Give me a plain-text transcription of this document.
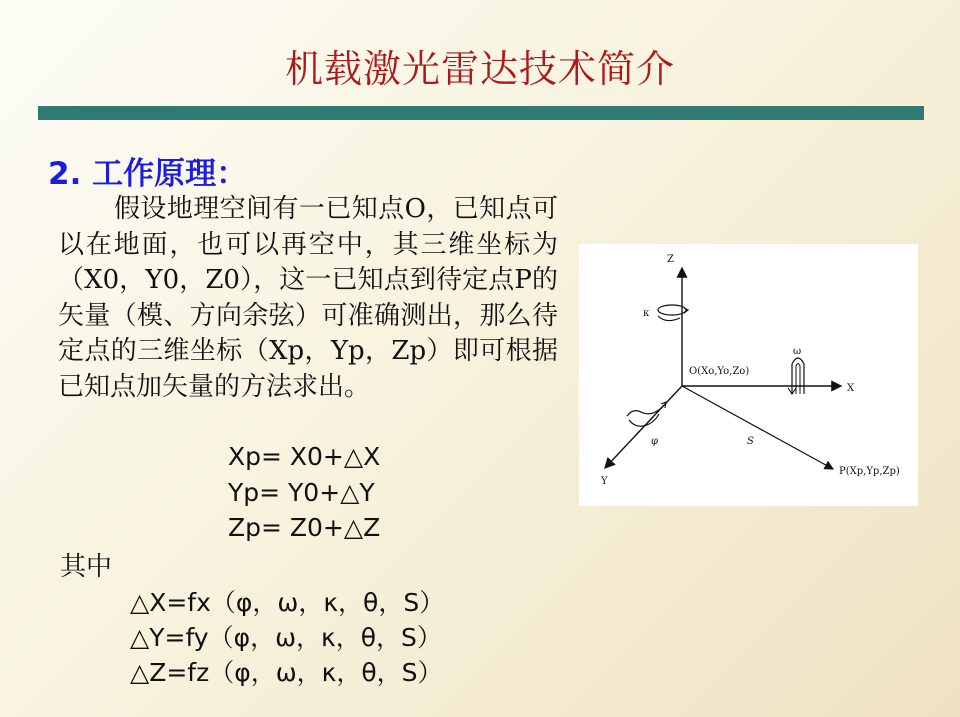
机载激光雷达技术简介
2. 工作原理：
假设地理空间有一已知点O，已知点可以在地面，也可以再空中，其三维坐标为（X0，Y0，Z0），这一已知点到待定点P的矢量（模、方向余弦）可准确测出，那么待定点的三维坐标（Xp，Yp，Zp）即可根据已知点加矢量的方法求出。
Xp= X0+△X
Yp= Y0+△Y
Zp= Z0+△Z
其中
△X=fx（φ，ω，κ，θ，S）
△Y=fy（φ，ω，κ，θ，S）
△Z=fz（φ，ω，κ，θ，S）
Z
X
Y
S
O(Xo,Yo,Zo)
P(Xp,Yp,Zp)
κ
ω
φ
